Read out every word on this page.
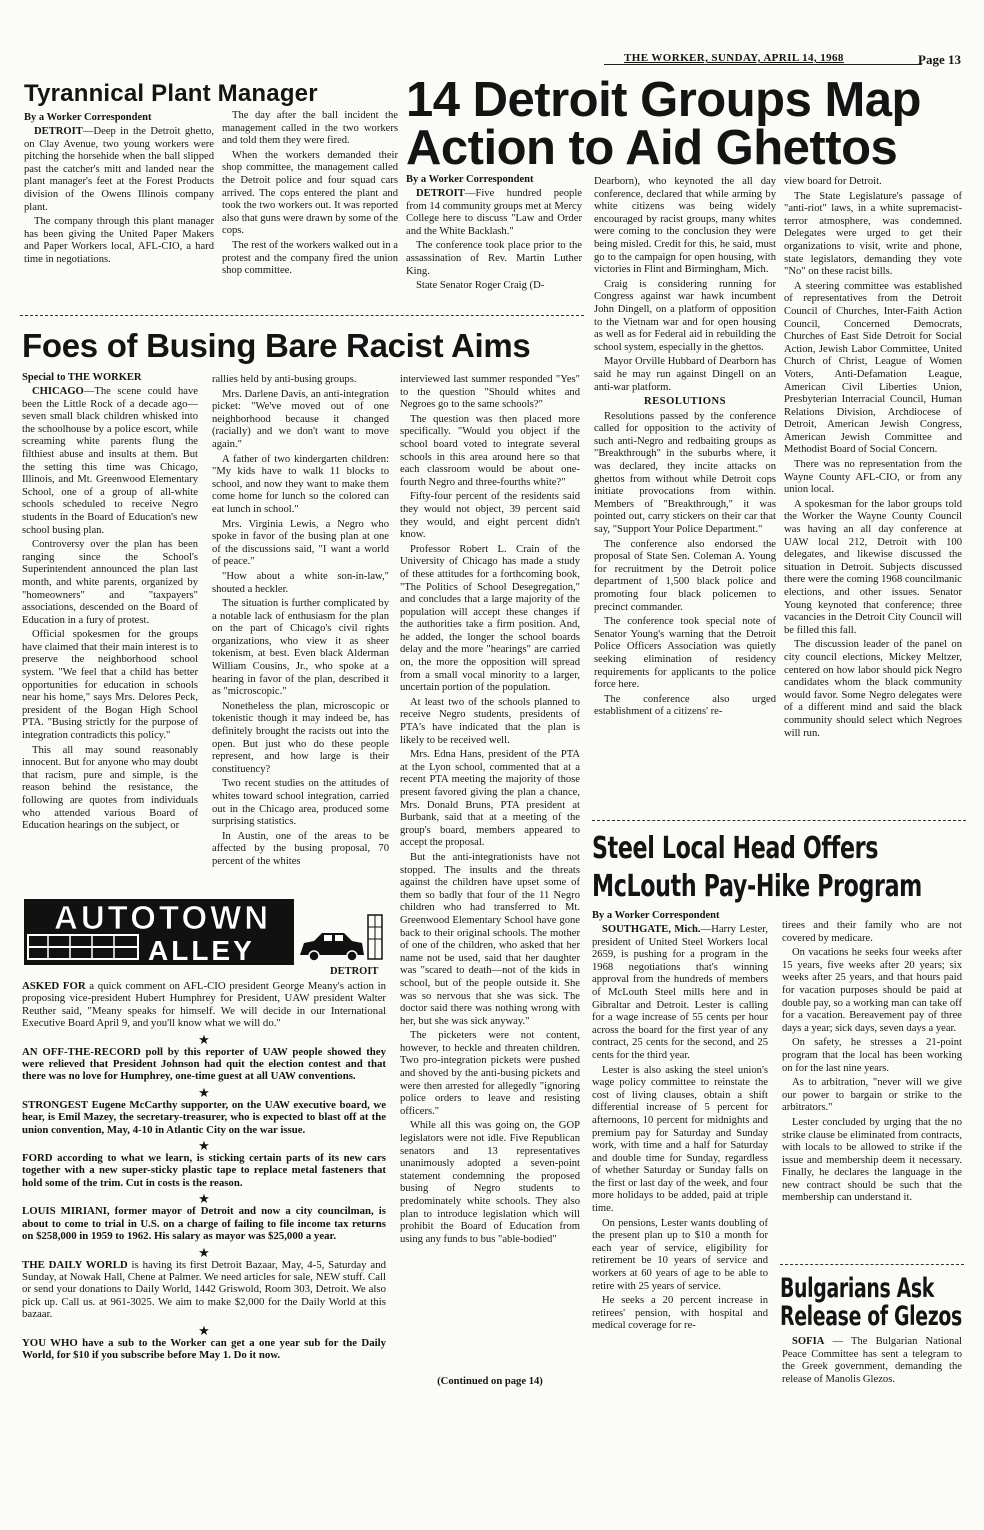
THE WORKER, SUNDAY, APRIL 14, 1968	Page 13
Tyrannical Plant Manager

By a Worker Correspondent

DETROIT—Deep in the Detroit ghetto, on Clay Avenue, two young workers were pitching the horsehide when the ball slipped past the catcher's mitt and landed near the plant manager's feet at the Forest Products division of the Owens Illinois company plant.

The company through this plant manager has been giving the United Paper Makers and Paper Workers local, AFL-CIO, a hard time in negotiations.

The day after the ball incident the management called in the two workers and told them they were fired.

When the workers demanded their shop committee, the management called the Detroit police and four squad cars arrived. The cops entered the plant and took the two workers out. It was reported also that guns were drawn by some of the cops.

The rest of the workers walked out in a protest and the company fired the union shop committee.

14 Detroit Groups Map
Action to Aid Ghettos

By a Worker Correspondent

DETROIT—Five hundred people from 14 community groups met at Mercy College here to discuss "Law and Order and the White Backlash."

The conference took place prior to the assassination of Rev. Martin Luther King.

State Senator Roger Craig (D-

Dearborn), who keynoted the all day conference, declared that while arming by white citizens was being widely encouraged by racist groups, many whites were coming to the conclusion they were being misled. Credit for this, he said, must go to the campaign for open housing, with victories in Flint and Birmingham, Mich.

Craig is considering running for Congress against war hawk incumbent John Dingell, on a platform of opposition to the Vietnam war and for open housing as well as for Federal aid in rebuilding the school system, especially in the ghettos.

Mayor Orville Hubbard of Dearborn has said he may run against Dingell on an anti-war platform.

RESOLUTIONS

Resolutions passed by the conference called for opposition to the activity of such anti-Negro and redbaiting groups as "Breakthrough" in the suburbs where, it was declared, they incite attacks on ghettos from without while Detroit cops initiate provocations from within. Members of "Breakthrough," it was pointed out, carry stickers on their car that say, "Support Your Police Department."

The conference also endorsed the proposal of State Sen. Coleman A. Young for recruitment by the Detroit police department of 1,500 black police and promoting four black policemen to precinct commander.

The conference took special note of Senator Young's warning that the Detroit Police Officers Association was quietly seeking elimination of residency requirements for applicants to the police force here.

The conference also urged establishment of a citizens' re-

view board for Detroit.

The State Legislature's passage of "anti-riot" laws, in a white supremacist-terror atmosphere, was condemned. Delegates were urged to get their organizations to visit, write and phone, state legislators, demanding they vote "No" on these racist bills.

A steering committee was established of representatives from the Detroit Council of Churches, Inter-Faith Action Council, Concerned Democrats, Churches of East Side Detroit for Social Action, Jewish Labor Committee, United Church of Christ, League of Women Voters, Anti-Defamation League, American Civil Liberties Union, Presbyterian Interracial Council, Human Relations Division, Archdiocese of Detroit, American Jewish Congress, American Jewish Committee and Methodist Board of Social Concern.

There was no representation from the Wayne County AFL-CIO, or from any union local.

A spokesman for the labor groups told the Worker the Wayne County Council was having an all day conference at UAW local 212, Detroit with 100 delegates, and likewise discussed the situation in Detroit. Subjects discussed there were the coming 1968 councilmanic elections, and other issues. Senator Young keynoted that conference; three vacancies in the Detroit City Council will be filled this fall.

The discussion leader of the panel on city council elections, Mickey Meltzer, centered on how labor should pick Negro candidates whom the black community would favor. Some Negro delegates were of a different mind and said the black community should select which Negroes will run.

Foes of Busing Bare Racist Aims

Special to THE WORKER

CHICAGO—The scene could have been the Little Rock of a decade ago—seven small black children whisked into the schoolhouse by a police escort, while screaming white parents flung the filthiest abuse and insults at them. But the setting this time was Chicago, Illinois, and Mt. Greenwood Elementary School, one of a group of all-white schools scheduled to receive Negro students in the Board of Education's new school busing plan.

Controversy over the plan has been ranging since the School's Superintendent announced the plan last month, and white parents, organized by "homeowners" and "taxpayers" associations, descended on the Board of Education in a fury of protest.

Official spokesmen for the groups have claimed that their main interest is to preserve the neighborhood school system. "We feel that a child has better opportunities for education in schools near his home," says Mrs. Delores Peck, president of the Bogan High School PTA. "Busing strictly for the purpose of integration contradicts this policy."

This all may sound reasonably innocent. But for anyone who may doubt that racism, pure and simple, is the reason behind the resistance, the following are quotes from individuals who attended various Board of Education hearings on the subject, or

rallies held by anti-busing groups.

Mrs. Darlene Davis, an anti-integration picket: "We've moved out of one neighborhood because it changed (racially) and we don't want to move again."

A father of two kindergarten children: "My kids have to walk 11 blocks to school, and now they want to make them come home for lunch so the colored can eat lunch in school."

Mrs. Virginia Lewis, a Negro who spoke in favor of the busing plan at one of the discussions said, "I want a world of peace."

"How about a white son-in-law," shouted a heckler.

The situation is further complicated by a notable lack of enthusiasm for the plan on the part of Chicago's civil rights organizations, who view it as sheer tokenism, at best. Even black Alderman William Cousins, Jr., who spoke at a hearing in favor of the plan, described it as "microscopic."

Nonetheless the plan, microscopic or tokenistic though it may indeed be, has definitely brought the racists out into the open. But just who do these people represent, and how large is their constituency?

Two recent studies on the attitudes of whites toward school integration, carried out in the Chicago area, produced some surprising statistics.

In Austin, one of the areas to be affected by the busing proposal, 70 percent of the whites

interviewed last summer responded "Yes" to the question "Should whites and Negroes go to the same schools?"

The question was then placed more specifically. "Would you object if the school board voted to integrate several schools in this area around here so that each classroom would be about one-fourth Negro and three-fourths white?"

Fifty-four percent of the residents said they would not object, 39 percent said they would, and eight percent didn't know.

Professor Robert L. Crain of the University of Chicago has made a study of these attitudes for a forthcoming book, "The Politics of School Desegregation," and concludes that a large majority of the population will accept these changes if the authorities take a firm position. And, he added, the longer the school boards delay and the more "hearings" are carried on, the more the opposition will spread from a small vocal minority to a larger, uncertain portion of the population.

At least two of the schools planned to receive Negro students, presidents of PTA's have indicated that the plan is likely to be received well.

Mrs. Edna Hans, president of the PTA at the Lyon school, commented that at a recent PTA meeting the majority of those present favored giving the plan a chance, Mrs. Donald Bruns, PTA president at Burbank, said that at a meeting of the group's board, members appeared to accept the proposal.

But the anti-integrationists have not stopped. The insults and the threats against the children have upset some of them so badly that four of the 11 Negro children who had transferred to Mt. Greenwood Elementary School have gone back to their original schools. The mother of one of the children, who asked that her name not be used, said that her daughter was "scared to death—not of the kids in school, but of the people outside it. She was so nervous that she was sick. The doctor said there was nothing wrong with her, but she was sick anyway."

The picketers were not content, however, to heckle and threaten children. Two pro-integration pickets were pushed and shoved by the anti-busing pickets and were then arrested for allegedly "ignoring police orders to leave and resisting officers."

While all this was going on, the GOP legislators were not idle. Five Republican senators and 13 representatives unanimously adopted a seven-point statement condemning the proposed busing of Negro students to predominately white schools. They also plan to introduce legislation which will prohibit the Board of Education from using any funds to bus "able-bodied"

(Continued on page 14)
AUTOTOWN
ALLEY
DETROIT

ASKED FOR a quick comment on AFL-CIO president George Meany's action in proposing vice-president Hubert Humphrey for President, UAW president Walter Reuther said, "Meany speaks for himself. We will decide in our International Executive Board April 9, and you'll know what we will do."

★

AN OFF-THE-RECORD poll by this reporter of UAW people showed they were relieved that President Johnson had quit the election contest and that there was no love for Humphrey, one-time guest at all UAW conventions.

★

STRONGEST Eugene McCarthy supporter, on the UAW executive board, we hear, is Emil Mazey, the secretary-treasurer, who is expected to blast off at the union convention, May, 4-10 in Atlantic City on the war issue.

★

FORD according to what we learn, is sticking certain parts of its new cars together with a new super-sticky plastic tape to replace metal fasteners that hold some of the trim. Cut in costs is the reason.

★

LOUIS MIRIANI, former mayor of Detroit and now a city councilman, is about to come to trial in U.S. on a charge of failing to file income tax returns on $258,000 in 1959 to 1962. His salary as mayor was $25,000 a year.

★

THE DAILY WORLD is having its first Detroit Bazaar, May, 4-5, Saturday and Sunday, at Nowak Hall, Chene at Palmer. We need articles for sale, NEW stuff. Call or send your donations to Daily World, 1442 Griswold, Room 303, Detroit. We also pick up. Call us. at 961-3025. We aim to make $2,000 for the Daily World at this bazaar.

★

YOU WHO have a sub to the Worker can get a one year sub for the Daily World, for $10 if you subscribe before May 1. Do it now.

Steel Local Head Offers
McLouth Pay-Hike Program

By a Worker Correspondent

SOUTHGATE, Mich.—Harry Lester, president of United Steel Workers local 2659, is pushing for a program in the 1968 negotiations that's winning approval from the hundreds of members of McLouth Steel mills here and in Gibraltar and Detroit. Lester is calling for a wage increase of 55 cents per hour across the board for the first year of any contract, 25 cents for the second, and 25 cents for the third year.

Lester is also asking the steel union's wage policy committee to reinstate the cost of living clauses, obtain a shift differential increase of 5 percent for afternoons, 10 percent for midnights and premium pay for Saturday and Sunday work, with time and a half for Saturday and double time for Sunday, regardless of whether Saturday or Sunday falls on the first or last day of the week, and four more holidays to be added, paid at triple time.

On pensions, Lester wants doubling of the present plan up to $10 a month for each year of service, eligibility for retirement be 10 years of service and workers at 60 years of age to be able to retire with 25 years of service.

He seeks a 20 percent increase in retirees' pension, with hospital and medical coverage for re-

tirees and their family who are not covered by medicare.

On vacations he seeks four weeks after 15 years, five weeks after 20 years; six weeks after 25 years, and that hours paid for vacation purposes should be paid at double pay, so a working man can take off for a vacation. Bereavement pay of three days a year; sick days, seven days a year.

On safety, he stresses a 21-point program that the local has been working on for the last nine years.

As to arbitration, "never will we give our power to bargain or strike to the arbitrators."

Lester concluded by urging that the no strike clause be eliminated from contracts, with locals to be allowed to strike if the issue and membership deem it necessary. Finally, he declares the language in the new contract should be such that the membership can understand it.

Bulgarians Ask
Release of Glezos

SOFIA — The Bulgarian National Peace Committee has sent a telegram to the Greek government, demanding the release of Manolis Glezos.
